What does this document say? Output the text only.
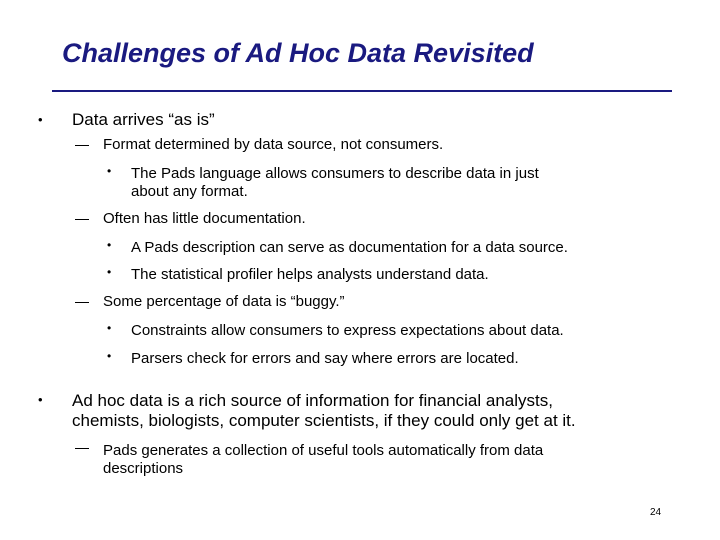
Challenges of Ad Hoc Data Revisited
• Data arrives “as is”
Format determined by data source, not consumers.
• The Pads language allows consumers to describe data in just
about any format.
Often has little documentation.
• A Pads description can serve as documentation for a data source.
• The statistical profiler helps analysts understand data.
Some percentage of data is “buggy.”
• Constraints allow consumers to express expectations about data.
• Parsers check for errors and say where errors are located.
• Ad hoc data is a rich source of information for financial analysts,
chemists, biologists, computer scientists, if they could only get at it.
Pads generates a collection of useful tools automatically from data
descriptions
24
